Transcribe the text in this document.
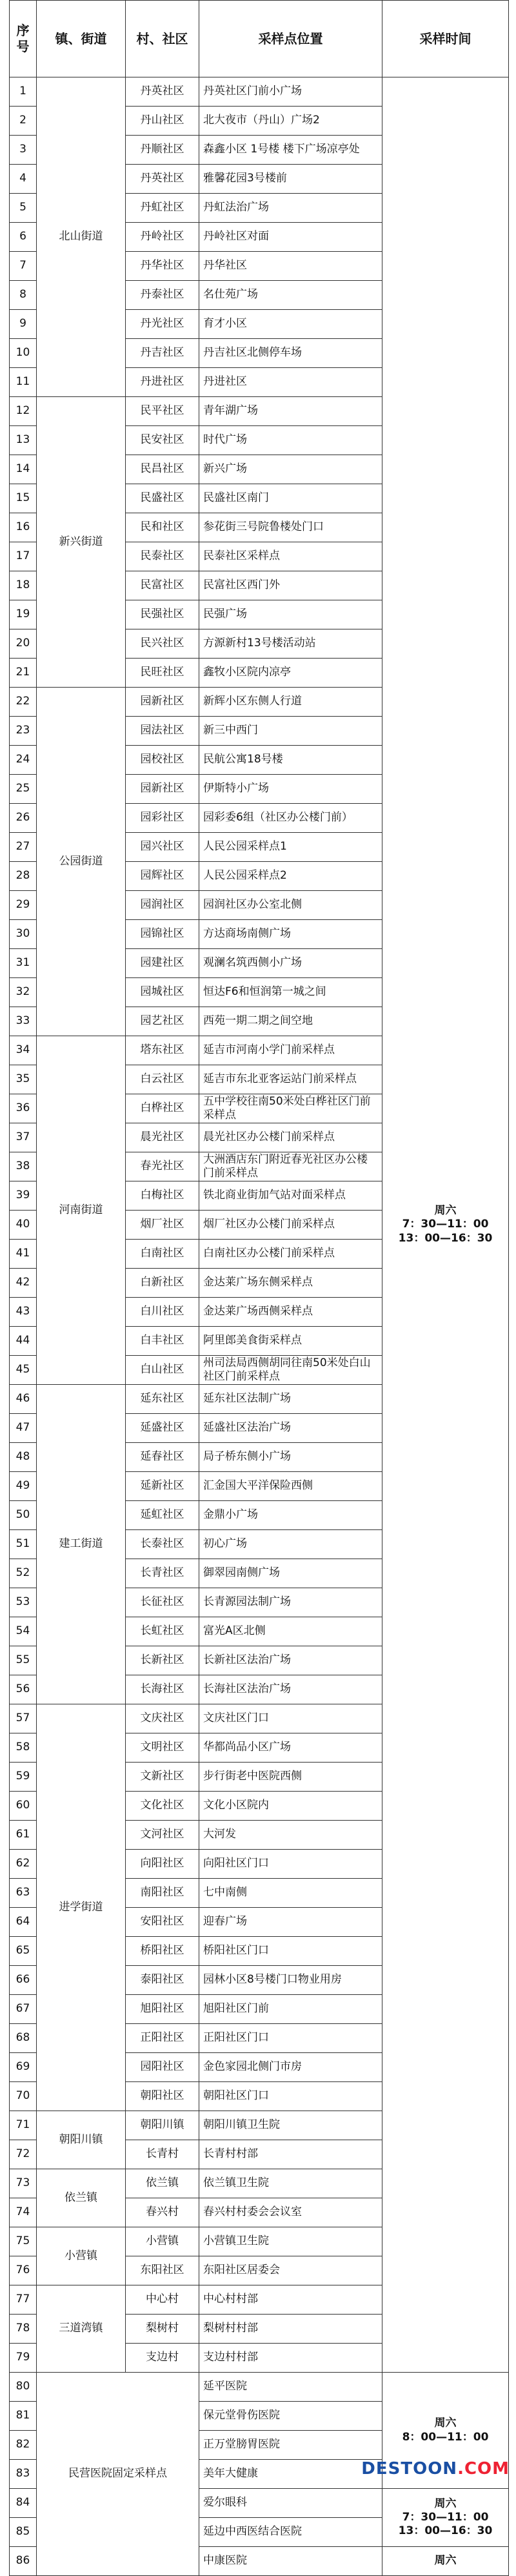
序号	镇、街道	村、社区	采样点位置	采样时间
1	北山街道	丹英社区	丹英社区门前小广场	周六
7：30—11：00
13：00—16：30

2		丹山社区	北大夜市（丹山）广场2	
3		丹顺社区	森鑫小区 1号楼 楼下广场凉亭处	
4		丹英社区	雅馨花园3号楼前	
5		丹虹社区	丹虹法治广场	
6		丹岭社区	丹岭社区对面	
7		丹华社区	丹华社区	
8		丹泰社区	名仕苑广场	
9		丹光社区	育才小区	
10		丹吉社区	丹吉社区北侧停车场	
11		丹进社区	丹进社区	
12	新兴街道	民平社区	青年湖广场	
13		民安社区	时代广场	
14		民昌社区	新兴广场	
15		民盛社区	民盛社区南门	
16		民和社区	参花街三号院鲁楼处门口	
17		民泰社区	民泰社区采样点	
18		民富社区	民富社区西门外	
19		民强社区	民强广场	
20		民兴社区	方源新村13号楼活动站	
21		民旺社区	鑫牧小区院内凉亭	
22	公园街道	园新社区	新辉小区东侧人行道	
23		园法社区	新三中西门	
24		园校社区	民航公寓18号楼	
25		园新社区	伊斯特小广场	
26		园彩社区	园彩委6组（社区办公楼门前）	
27		园兴社区	人民公园采样点1	
28		园辉社区	人民公园采样点2	
29		园润社区	园润社区办公室北侧	
30		园锦社区	方达商场南侧广场	
31		园建社区	观澜名筑西侧小广场	
32		园城社区	恒达F6和恒润第一城之间	
33		园艺社区	西苑一期二期之间空地	
34	河南街道	塔东社区	延吉市河南小学门前采样点	
35		白云社区	延吉市东北亚客运站门前采样点	
36		白桦社区	五中学校往南50米处白桦社区门前采样点	
37		晨光社区	晨光社区办公楼门前采样点	
38		春光社区	大洲酒店东门附近春光社区办公楼门前采样点	
39		白梅社区	铁北商业街加气站对面采样点	
40		烟厂社区	烟厂社区办公楼门前采样点	
41		白南社区	白南社区办公楼门前采样点	
42		白新社区	金达莱广场东侧采样点	
43		白川社区	金达莱广场西侧采样点	
44		白丰社区	阿里郎美食街采样点	
45		白山社区	州司法局西侧胡同往南50米处白山社区门前采样点	
46	建工街道	延东社区	延东社区法制广场	
47		延盛社区	延盛社区法治广场	
48		延春社区	局子桥东侧小广场	
49		延新社区	汇金国大平洋保险西侧	
50		延虹社区	金鼎小广场	
51		长泰社区	初心广场	
52		长青社区	御翠园南侧广场	
53		长征社区	长青源园法制广场	
54		长虹社区	富光A区北侧	
55		长新社区	长新社区法治广场	
56		长海社区	长海社区法治广场	
57	进学街道	文庆社区	文庆社区门口	
58		文明社区	华都尚品小区广场	
59		文新社区	步行街老中医院西侧	
60		文化社区	文化小区院内	
61		文河社区	大河发	
62		向阳社区	向阳社区门口	
63		南阳社区	七中南侧	
64		安阳社区	迎春广场	
65		桥阳社区	桥阳社区门口	
66		泰阳社区	园林小区8号楼门口物业用房	
67		旭阳社区	旭阳社区门前	
68		正阳社区	正阳社区门口	
69		园阳社区	金色家园北侧门市房	
70		朝阳社区	朝阳社区门口	
71	朝阳川镇	朝阳川镇	朝阳川镇卫生院	
72		长青村	长青村村部	
73	依兰镇	依兰镇	依兰镇卫生院	
74		春兴村	春兴村村委会会议室	
75	小营镇	小营镇	小营镇卫生院	
76		东阳社区	东阳社区居委会	
77	三道湾镇	中心村	中心村村部	
78		梨树村	梨树村村部	
79		支边村	支边村村部	
80	民营医院固定采样点		延平医院	周六
8：00—11：00

81			保元堂骨伤医院	
82			正万堂膀胃医院	
83			美年大健康	
84			爱尔眼科	周六
7：30—11：00
13：00—16：30

85			延边中西医结合医院	
86			中康医院	周六
DESTOON.COM
